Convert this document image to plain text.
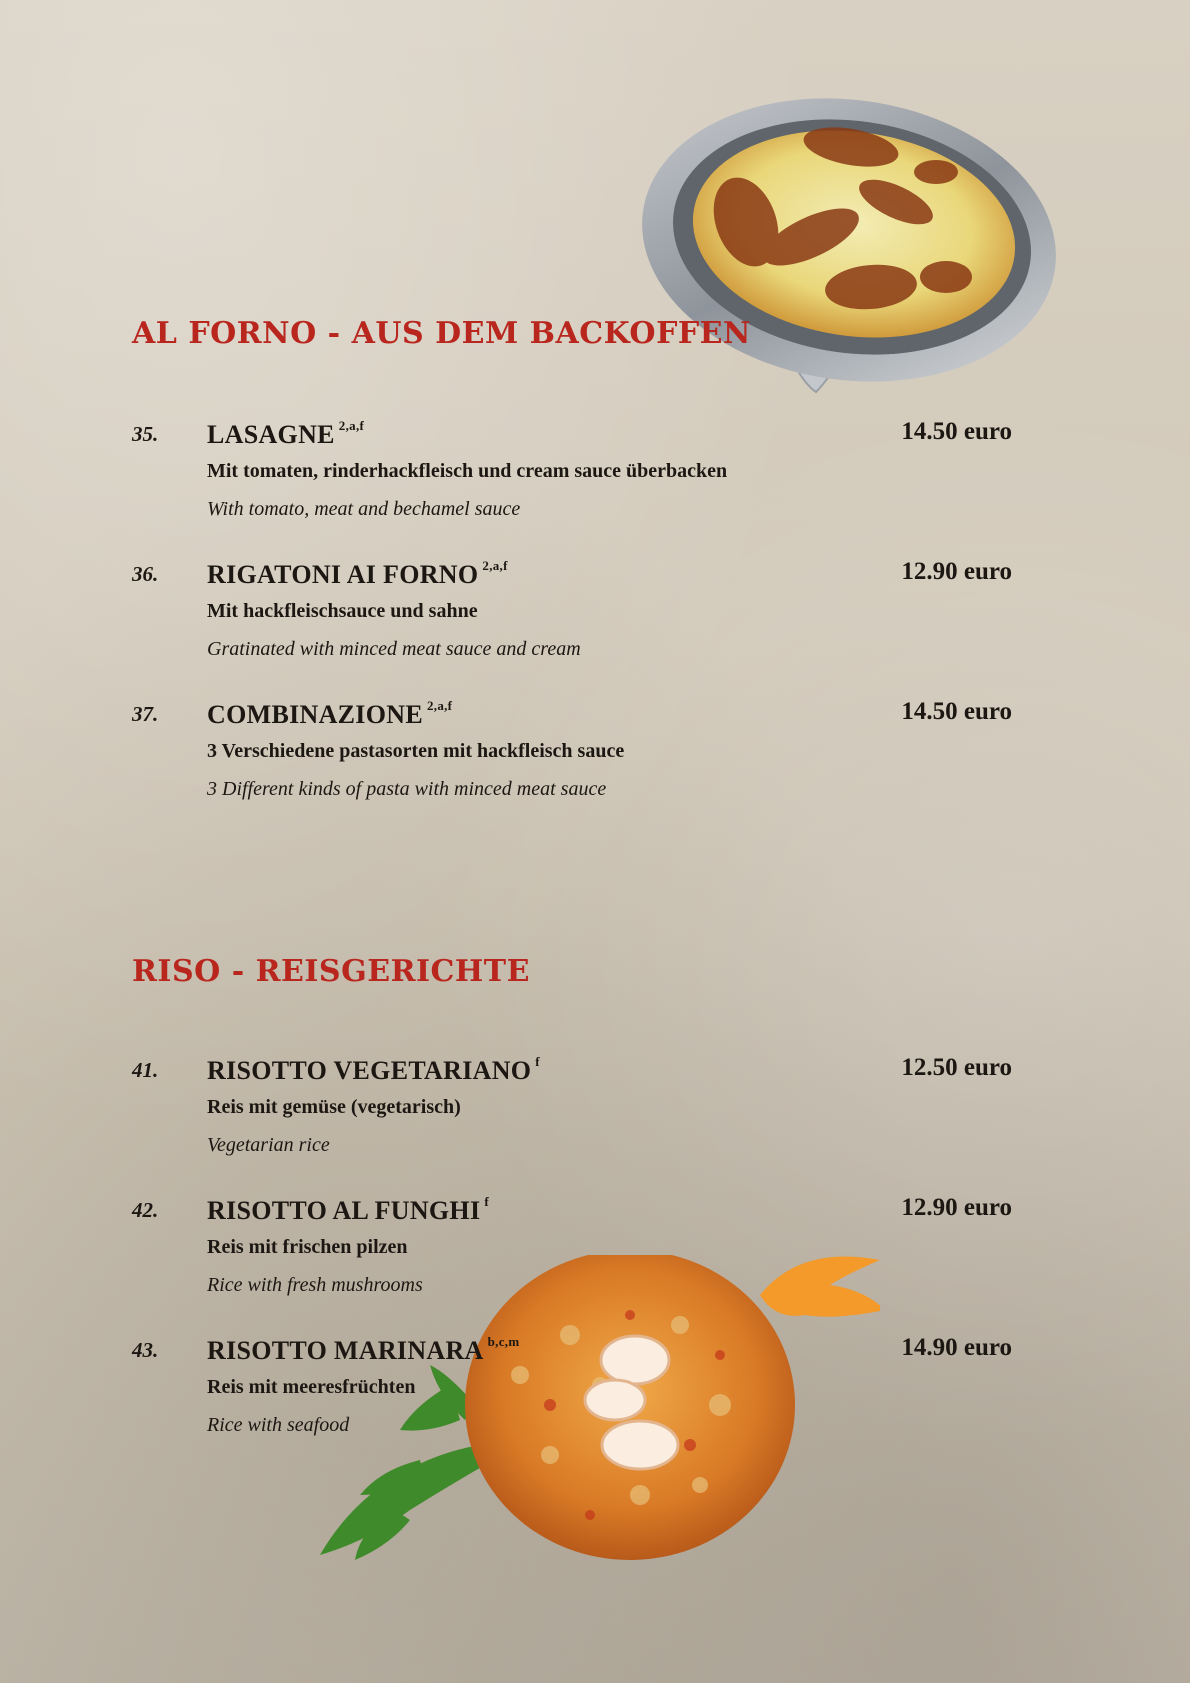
AL FORNO - AUS DEM BACKOFFEN
35. LASAGNE $^{2,a,f}$	14.50 euro
Mit tomaten, rinderhackfleisch und cream sauce überbacken
With tomato, meat and bechamel sauce
36. RIGATONI AI FORNO $^{2,a,f}$	12.90 euro
Mit hackfleischsauce und sahne
Gratinated with minced meat sauce and cream
37. COMBINAZIONE $^{2,a,f}$	14.50 euro
3 Verschiedene pastasorten mit hackfleisch sauce
3 Different kinds of pasta with minced meat sauce
RISO - REISGERICHTE
41. RISOTTO VEGETARIANO $^f$	12.50 euro
Reis mit gemüse (vegetarisch)
Vegetarian rice
42. RISOTTO AL FUNGHI $^f$	12.90 euro
Reis mit frischen pilzen
Rice with fresh mushrooms
43. RISOTTO MARINARA $^{b,c,m}$	14.90 euro
Reis mit meeresfrüchten
Rice with seafood
